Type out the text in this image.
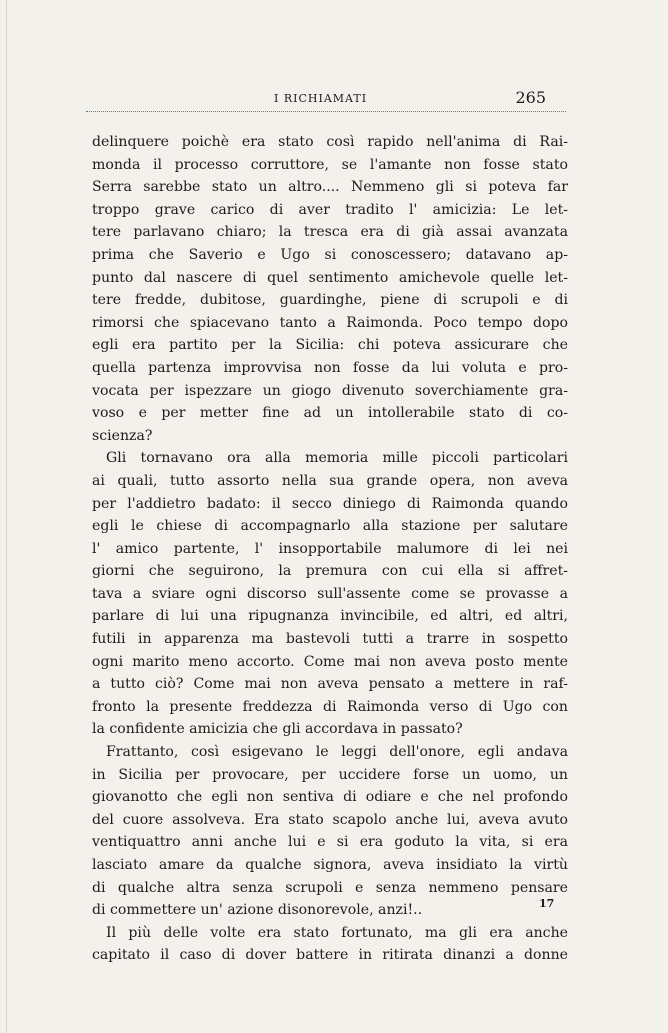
I RICHIAMATI	265
delinquere poichè era stato così rapido nell'anima di Rai-
monda il processo corruttore, se l'amante non fosse stato
Serra sarebbe stato un altro.... Nemmeno gli si poteva far
troppo grave carico di aver tradito l' amicizia: Le let-
tere parlavano chiaro; la tresca era di già assai avanzata
prima che Saverio e Ugo si conoscessero; datavano ap-
punto dal nascere di quel sentimento amichevole quelle let-
tere fredde, dubitose, guardinghe, piene di scrupoli e di
rimorsi che spiacevano tanto a Raimonda. Poco tempo dopo
egli era partito per la Sicilia: chi poteva assicurare che
quella partenza improvvisa non fosse da lui voluta e pro-
vocata per ispezzare un giogo divenuto soverchiamente gra-
voso e per metter fine ad un intollerabile stato di co-
scienza?
Gli tornavano ora alla memoria mille piccoli particolari
ai quali, tutto assorto nella sua grande opera, non aveva
per l'addietro badato: il secco diniego di Raimonda quando
egli le chiese di accompagnarlo alla stazione per salutare
l' amico partente, l' insopportabile malumore di lei nei
giorni che seguirono, la premura con cui ella si affret-
tava a sviare ogni discorso sull'assente come se provasse a
parlare di lui una ripugnanza invincibile, ed altri, ed altri,
futili in apparenza ma bastevoli tutti a trarre in sospetto
ogni marito meno accorto. Come mai non aveva posto mente
a tutto ciò? Come mai non aveva pensato a mettere in raf-
fronto la presente freddezza di Raimonda verso di Ugo con
la confidente amicizia che gli accordava in passato?
Frattanto, così esigevano le leggi dell'onore, egli andava
in Sicilia per provocare, per uccidere forse un uomo, un
giovanotto che egli non sentiva di odiare e che nel profondo
del cuore assolveva. Era stato scapolo anche lui, aveva avuto
ventiquattro anni anche lui e si era goduto la vita, si era
lasciato amare da qualche signora, aveva insidiato la virtù
di qualche altra senza scrupoli e senza nemmeno pensare
di commettere un' azione disonorevole, anzi!..
Il più delle volte era stato fortunato, ma gli era anche
capitato il caso di dover battere in ritirata dinanzi a donne
17
